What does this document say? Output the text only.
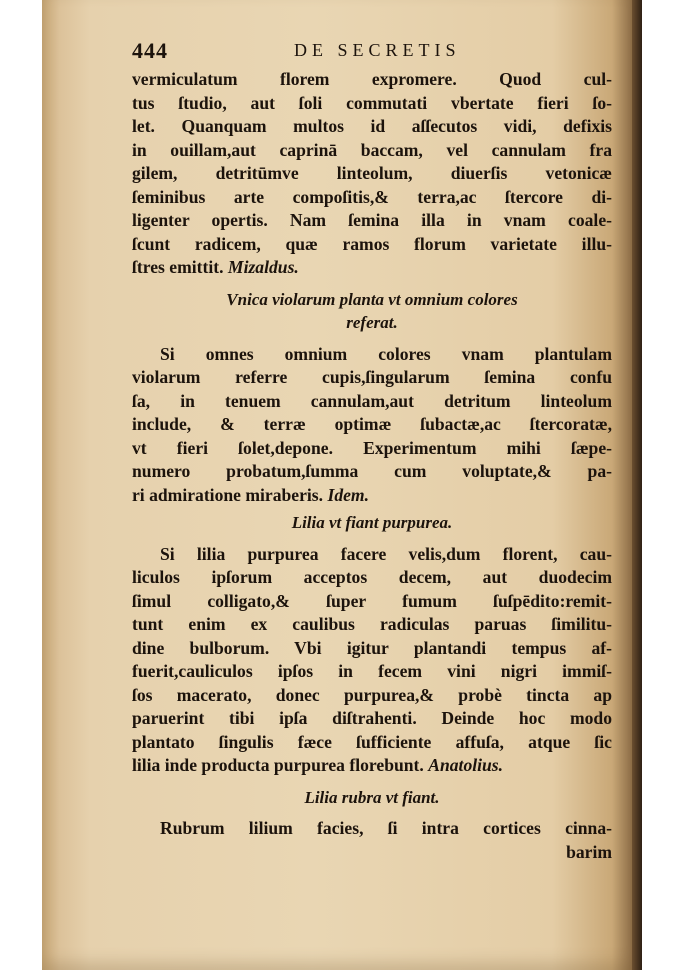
444	DE SECRETIS
vermiculatum florem expromere. Quod cul-
tus ſtudio, aut ſoli commutati vbertate fieri ſo-
let. Quanquam multos id aſſecutos vidi, defixis
in ouillam,aut caprinā baccam, vel cannulam fra
gilem, detritūmve linteolum, diuerſis vetonicæ
ſeminibus arte compoſitis,& terra,ac ſtercore di-
ligenter opertis. Nam ſemina illa in vnam coale-
ſcunt radicem, quæ ramos florum varietate illu-
ſtres emittit. Mizaldus.
Vnica violarum planta vt omnium colores
referat.
Si omnes omnium colores vnam plantulam
violarum referre cupis,ſingularum ſemina confu
ſa, in tenuem cannulam,aut detritum linteolum
include, & terræ optimæ ſubactæ,ac ſtercoratæ,
vt fieri ſolet,depone. Experimentum mihi ſæpe-
numero probatum,ſumma cum voluptate,& pa-
ri admiratione miraberis. Idem.
Lilia vt fiant purpurea.
Si lilia purpurea facere velis,dum florent, cau-
liculos ipſorum acceptos decem, aut duodecim
ſimul colligato,& ſuper fumum ſuſpēdito:remit-
tunt enim ex caulibus radiculas paruas ſimilitu-
dine bulborum. Vbi igitur plantandi tempus af-
fuerit,cauliculos ipſos in fecem vini nigri immiſ-
ſos macerato, donec purpurea,& probè tincta ap
paruerint tibi ipſa diſtrahenti. Deinde hoc modo
plantato ſingulis fæce ſufficiente affuſa, atque ſic
lilia inde producta purpurea florebunt. Anatolius.
Lilia rubra vt fiant.
Rubrum lilium facies, ſi intra cortices cinna-
barim
